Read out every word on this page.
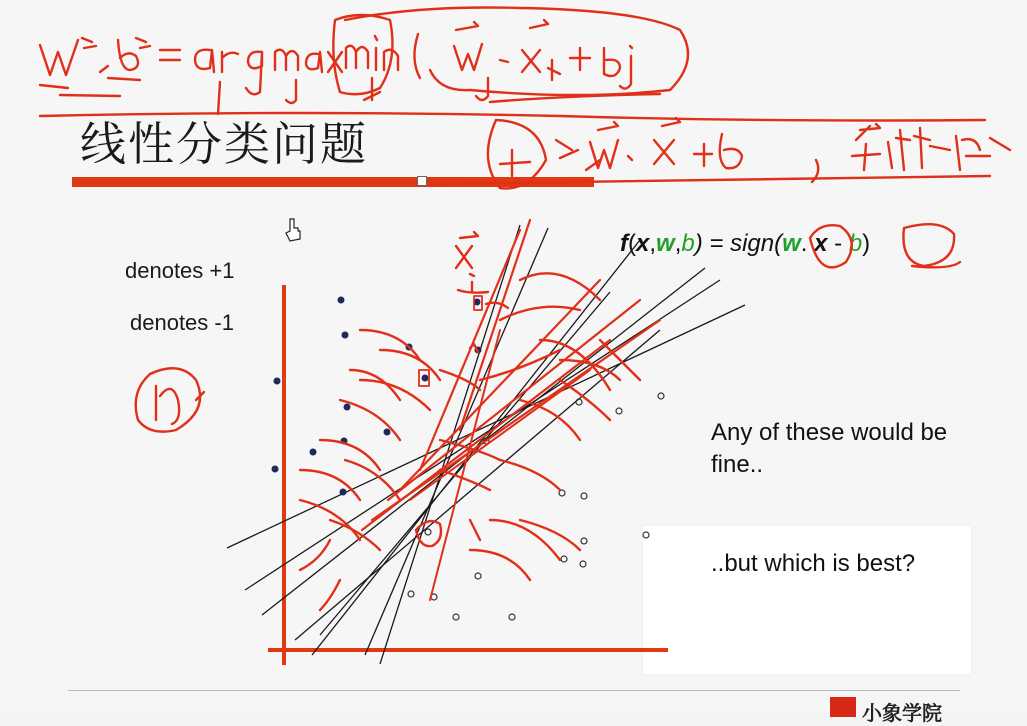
线性分类问题
denotes +1
denotes -1
f(x,w,b) = sign(w. x - b)
Any of these would be fine..
..but which is best?
小象学院
